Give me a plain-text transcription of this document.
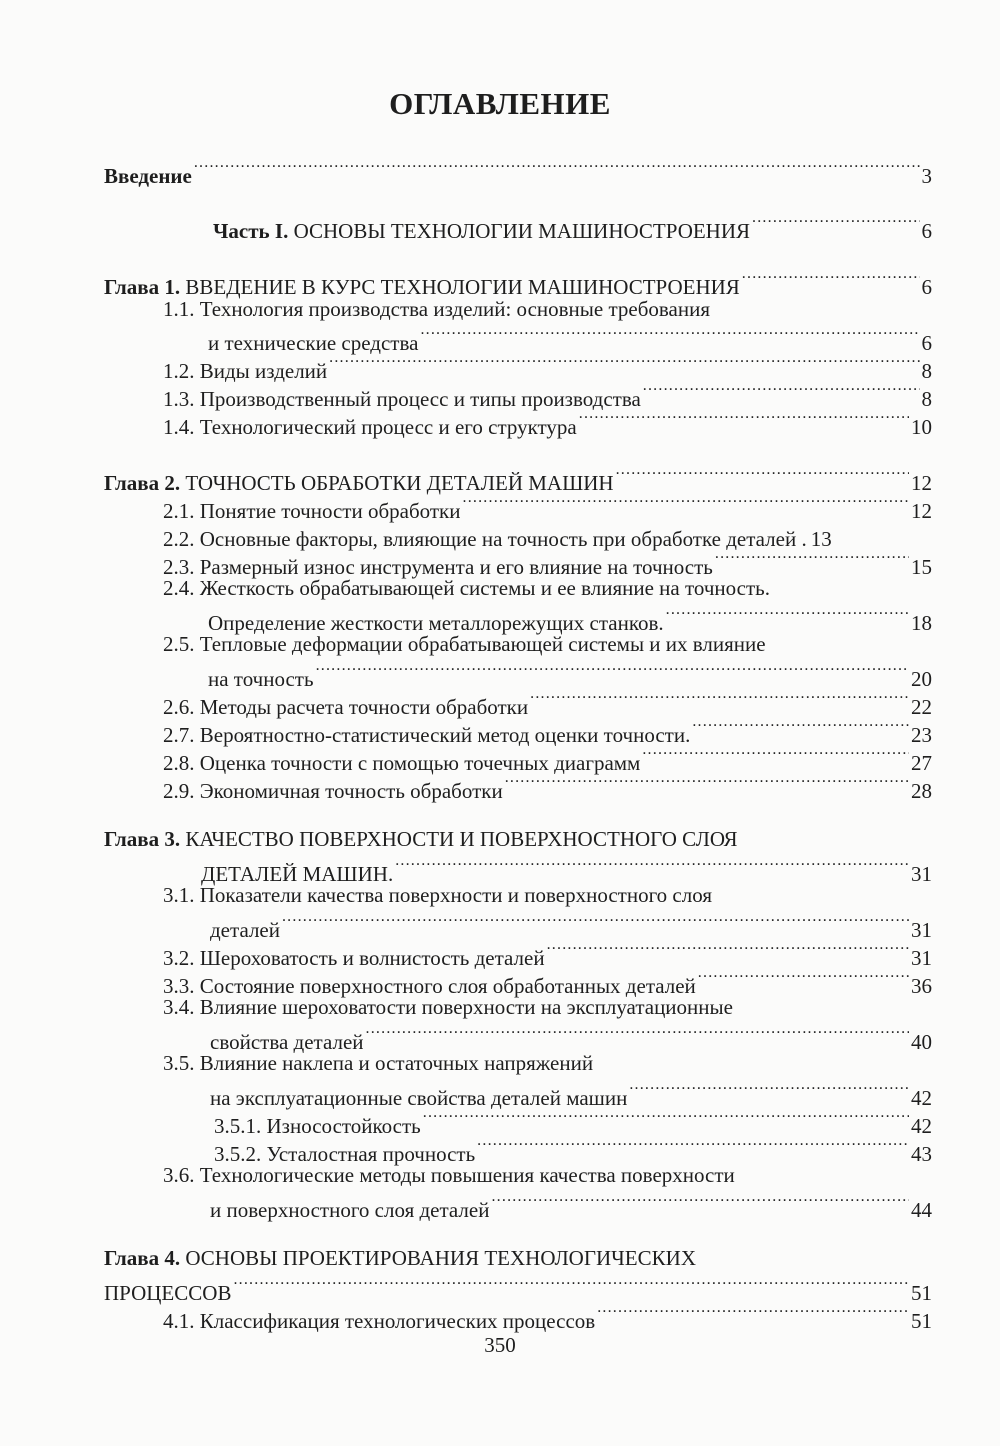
ОГЛАВЛЕНИЕ
Введение .....	3
Часть I. ОСНОВЫ ТЕХНОЛОГИИ МАШИНОСТРОЕНИЯ .....	6
Глава 1. ВВЕДЕНИЕ В КУРС ТЕХНОЛОГИИ МАШИНОСТРОЕНИЯ .....	6
1.1. Технология производства изделий: основные требования
и технические средства .....	6
1.2. Виды изделий .....	8
1.3. Производственный процесс и типы производства .....	8
1.4. Технологический процесс и его структура .....	10
Глава 2. ТОЧНОСТЬ ОБРАБОТКИ ДЕТАЛЕЙ МАШИН .....	12
2.1. Понятие точности обработки .....	12
2.2. Основные факторы, влияющие на точность при обработке деталей . 13
2.3. Размерный износ инструмента и его влияние на точность .....	15
2.4. Жесткость обрабатывающей системы и ее влияние на точность.
Определение жесткости металлорежущих станков. .....	18
2.5. Тепловые деформации обрабатывающей системы и их влияние
на точность .....	20
2.6. Методы расчета точности обработки .....	22
2.7. Вероятностно-статистический метод оценки точности. .....	23
2.8. Оценка точности с помощью точечных диаграмм .....	27
2.9. Экономичная точность обработки .....	28
Глава 3. КАЧЕСТВО ПОВЕРХНОСТИ И ПОВЕРХНОСТНОГО СЛОЯ
ДЕТАЛЕЙ МАШИН. .....	31
3.1. Показатели качества поверхности и поверхностного слоя
деталей .....	31
3.2. Шероховатость и волнистость деталей .....	31
3.3. Состояние поверхностного слоя обработанных деталей .....	36
3.4. Влияние шероховатости поверхности на эксплуатационные
свойства деталей .....	40
3.5. Влияние наклепа и остаточных напряжений
на эксплуатационные свойства деталей машин .....	42
3.5.1. Износостойкость .....	42
3.5.2. Усталостная прочность .....	43
3.6. Технологические методы повышения качества поверхности
и поверхностного слоя деталей .....	44
Глава 4. ОСНОВЫ ПРОЕКТИРОВАНИЯ ТЕХНОЛОГИЧЕСКИХ
ПРОЦЕССОВ .....	51
4.1. Классификация технологических процессов .....	51
350
